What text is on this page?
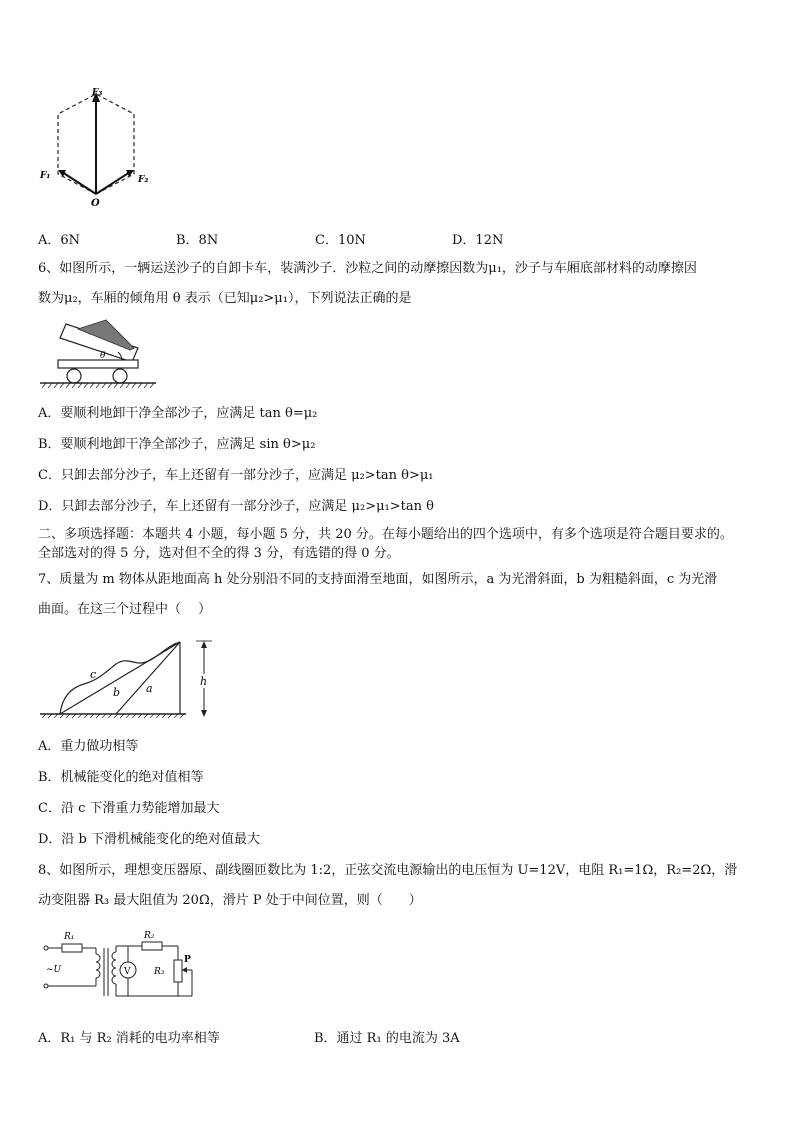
F₃
F₁	F₂
O
A．6N	B．8N	C．10N	D．12N
6、如图所示，一辆运送沙子的自卸卡车，装满沙子．沙粒之间的动摩擦因数为μ₁，沙子与车厢底部材料的动摩擦因
数为μ₂，车厢的倾角用 θ 表示（已知μ₂>μ₁），下列说法正确的是
θ
A．要顺利地卸干净全部沙子，应满足 tan θ=μ₂
B．要顺利地卸干净全部沙子，应满足 sin θ>μ₂
C．只卸去部分沙子，车上还留有一部分沙子，应满足 μ₂>tan θ>μ₁
D．只卸去部分沙子，车上还留有一部分沙子，应满足 μ₂>μ₁>tan θ
二、多项选择题：本题共 4 小题，每小题 5 分，共 20 分。在每小题给出的四个选项中，有多个选项是符合题目要求的。
全部选对的得 5 分，选对但不全的得 3 分，有选错的得 0 分。
7、质量为 m 物体从距地面高 h 处分别沿不同的支持面滑至地面，如图所示，a 为光滑斜面，b 为粗糙斜面，c 为光滑
曲面。在这三个过程中（　 ）
c
b a
h
A．重力做功相等
B．机械能变化的绝对值相等
C．沿 c 下滑重力势能增加最大
D．沿 b 下滑机械能变化的绝对值最大
8、如图所示，理想变压器原、副线圈匝数比为 1:2，正弦交流电源输出的电压恒为 U=12V，电阻 R₁=1Ω，R₂=2Ω，滑
动变阻器 R₃ 最大阻值为 20Ω，滑片 P 处于中间位置，则（　　）
R₁
~U
R₂
R₃
P
V
A．R₁ 与 R₂ 消耗的电功率相等	B．通过 R₁ 的电流为 3A
